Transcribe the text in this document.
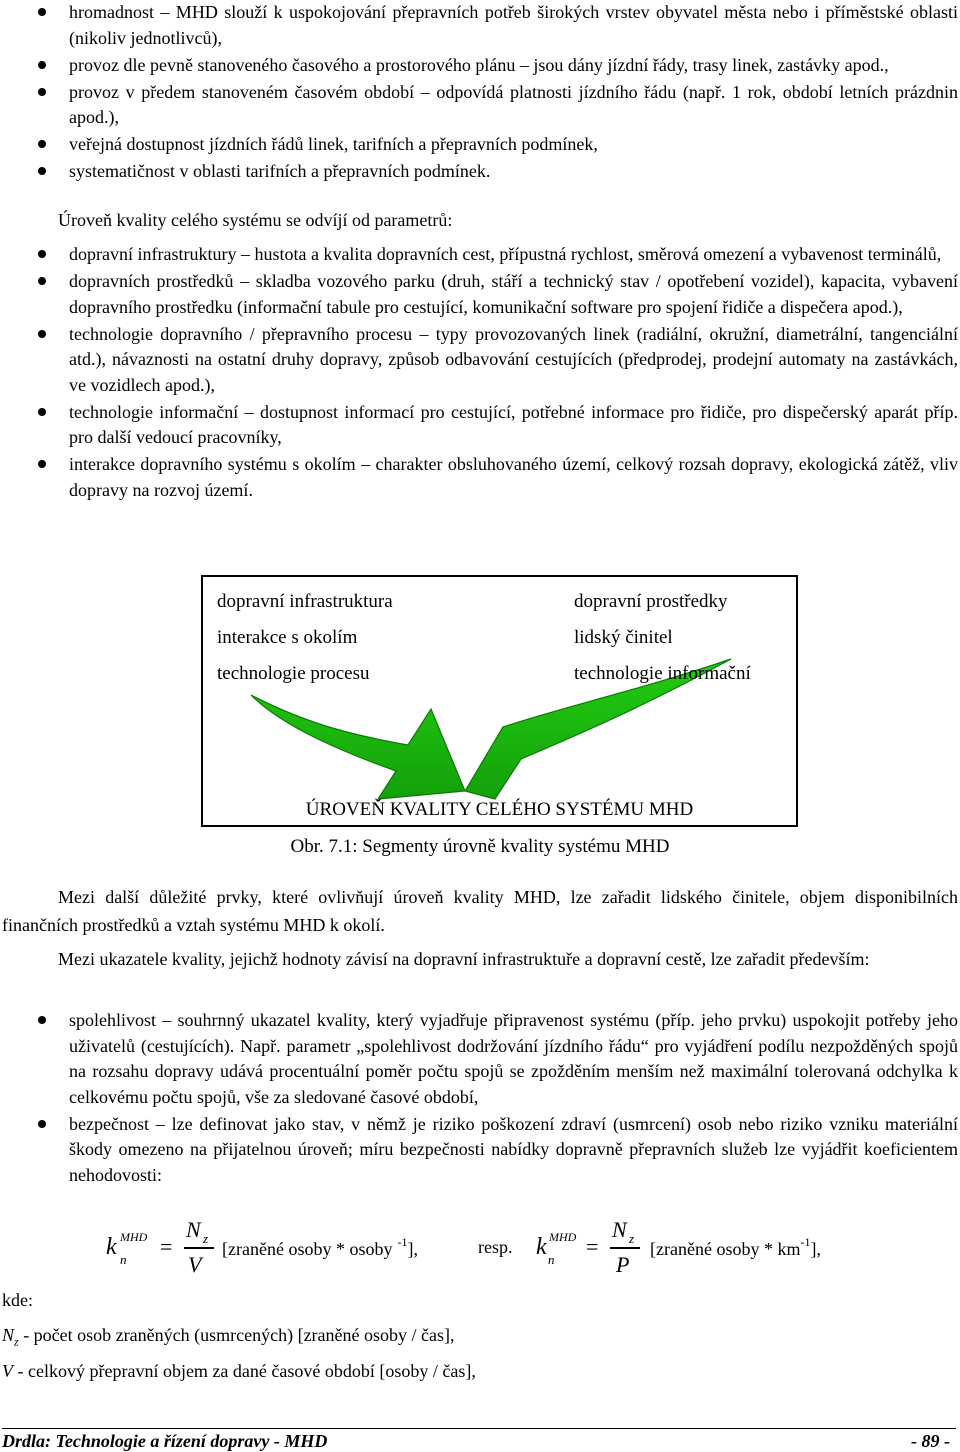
hromadnost – MHD slouží k uspokojování přepravních potřeb širokých vrstev obyvatel města nebo i příměstské oblasti (nikoliv jednotlivců),
provoz dle pevně stanoveného časového a prostorového plánu – jsou dány jízdní řády, trasy linek, zastávky apod.,
provoz v předem stanoveném časovém období – odpovídá platnosti jízdního řádu (např. 1 rok, období letních prázdnin apod.),
veřejná dostupnost jízdních řádů linek, tarifních a přepravních podmínek,
systematičnost v oblasti tarifních a přepravních podmínek.
Úroveň kvality celého systému se odvíjí od parametrů:
dopravní infrastruktury – hustota a kvalita dopravních cest, přípustná rychlost, směrová omezení a vybavenost terminálů,
dopravních prostředků – skladba vozového parku (druh, stáří a technický stav / opotřebení vozidel), kapacita, vybavení dopravního prostředku (informační tabule pro cestující, komunikační software pro spojení řidiče a dispečera apod.),
technologie dopravního / přepravního procesu – typy provozovaných linek (radiální, okružní, diametrální, tangenciální atd.), návaznosti na ostatní druhy dopravy, způsob odbavování cestujících (předprodej, prodejní automaty na zastávkách, ve vozidlech apod.),
technologie informační – dostupnost informací pro cestující, potřebné informace pro řidiče, pro dispečerský aparát příp. pro další vedoucí pracovníky,
interakce dopravního systému s okolím – charakter obsluhovaného území, celkový rozsah dopravy, ekologická zátěž, vliv dopravy na rozvoj území.
dopravní infrastruktura
interakce s okolím
technologie procesu
dopravní prostředky
lidský činitel
technologie informační
ÚROVEŇ KVALITY CELÉHO SYSTÉMU MHD
Obr. 7.1: Segmenty úrovně kvality systému MHD
Mezi další důležité prvky, které ovlivňují úroveň kvality MHD, lze zařadit lidského činitele, objem disponibilních finančních prostředků a vztah systému MHD k okolí.
Mezi ukazatele kvality, jejichž hodnoty závisí na dopravní infrastruktuře a dopravní cestě, lze zařadit především:
spolehlivost – souhrnný ukazatel kvality, který vyjadřuje připravenost systému (příp. jeho prvku) uspokojit potřeby jeho uživatelů (cestujících). Např. parametr „spolehlivost dodržování jízdního řádu“ pro vyjádření podílu nezpožděných spojů na rozsahu dopravy udává procentuální poměr počtu spojů se zpožděním menším než maximální tolerovaná odchylka k celkovému počtu spojů, vše za sledované časové období,
bezpečnost – lze definovat jako stav, v němž je riziko poškození zdraví (usmrcení) osob nebo riziko vzniku materiální škody omezeno na přijatelnou úroveň; míru bezpečnosti nabídky dopravně přepravních služeb lze vyjádřit koeficientem nehodovosti:
k MHD
n
=
N z
V
[zraněné osoby * osoby $^{-1}$],	resp. k MHD
n
=
N z
P
[zraněné osoby * $km^{-1}$],
kde:
$N_z$ - počet osob zraněných (usmrcených) [zraněné osoby / čas],
V - celkový přepravní objem za dané časové období [osoby / čas],
Drdla: Technologie a řízení dopravy - MHD	- 89 -
